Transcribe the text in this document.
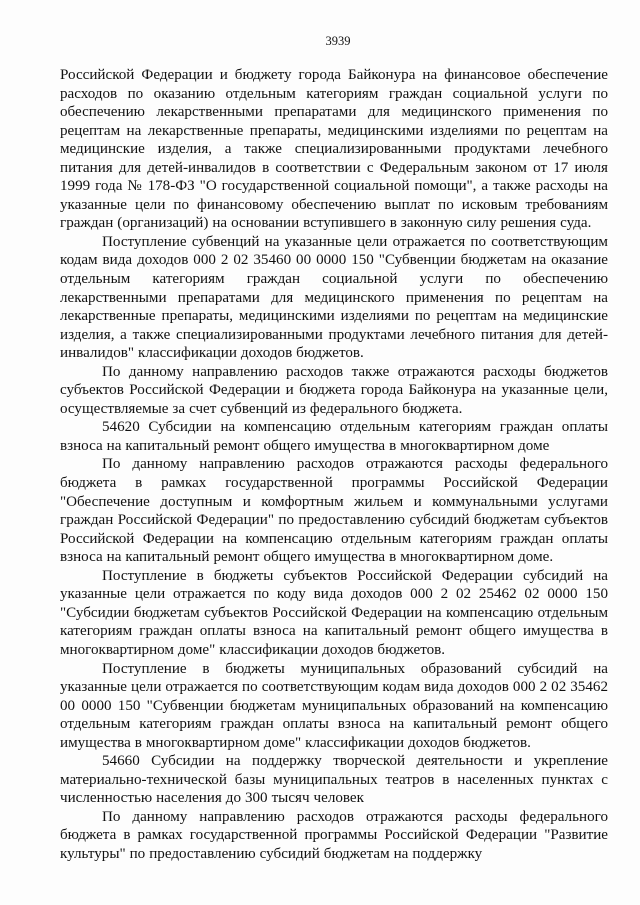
3939

Российской Федерации и бюджету города Байконура на финансовое обеспечение расходов по оказанию отдельным категориям граждан социальной услуги по обеспечению лекарственными препаратами для медицинского применения по рецептам на лекарственные препараты, медицинскими изделиями по рецептам на медицинские изделия, а также специализированными продуктами лечебного питания для детей-инвалидов в соответствии с Федеральным законом от 17 июля 1999 года № 178-ФЗ "О государственной социальной помощи", а также расходы на указанные цели по финансовому обеспечению выплат по исковым требованиям граждан (организаций) на основании вступившего в законную силу решения суда.

Поступление субвенций на указанные цели отражается по соответствующим кодам вида доходов 000 2 02 35460 00 0000 150 "Субвенции бюджетам на оказание отдельным категориям граждан социальной услуги по обеспечению лекарственными препаратами для медицинского применения по рецептам на лекарственные препараты, медицинскими изделиями по рецептам на медицинские изделия, а также специализированными продуктами лечебного питания для детей-инвалидов" классификации доходов бюджетов.

По данному направлению расходов также отражаются расходы бюджетов субъектов Российской Федерации и бюджета города Байконура на указанные цели, осуществляемые за счет субвенций из федерального бюджета.

54620 Субсидии на компенсацию отдельным категориям граждан оплаты взноса на капитальный ремонт общего имущества в многоквартирном доме

По данному направлению расходов отражаются расходы федерального бюджета в рамках государственной программы Российской Федерации "Обеспечение доступным и комфортным жильем и коммунальными услугами граждан Российской Федерации" по предоставлению субсидий бюджетам субъектов Российской Федерации на компенсацию отдельным категориям граждан оплаты взноса на капитальный ремонт общего имущества в многоквартирном доме.

Поступление в бюджеты субъектов Российской Федерации субсидий на указанные цели отражается по коду вида доходов 000 2 02 25462 02 0000 150 "Субсидии бюджетам субъектов Российской Федерации на компенсацию отдельным категориям граждан оплаты взноса на капитальный ремонт общего имущества в многоквартирном доме" классификации доходов бюджетов.

Поступление в бюджеты муниципальных образований субсидий на указанные цели отражается по соответствующим кодам вида доходов 000 2 02 35462 00 0000 150 "Субвенции бюджетам муниципальных образований на компенсацию отдельным категориям граждан оплаты взноса на капитальный ремонт общего имущества в многоквартирном доме" классификации доходов бюджетов.

54660 Субсидии на поддержку творческой деятельности и укрепление материально-технической базы муниципальных театров в населенных пунктах с численностью населения до 300 тысяч человек

По данному направлению расходов отражаются расходы федерального бюджета в рамках государственной программы Российской Федерации "Развитие культуры" по предоставлению субсидий бюджетам на поддержку
